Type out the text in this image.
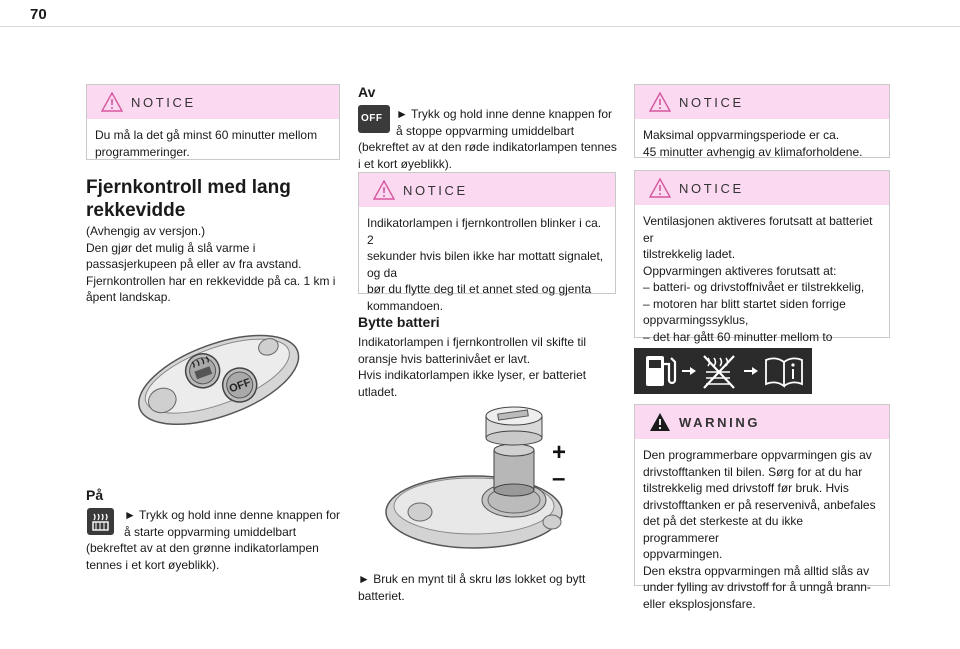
70
NOTICE
Du må la det gå minst 60 minutter mellom
programmeringer.
Fjernkontroll med lang
rekkevidde
(Avhengig av versjon.)
Den gjør det mulig å slå varme i
passasjerkupeen på eller av fra avstand.
Fjernkontrollen har en rekkevidde på ca. 1 km i
åpent landskap.
OFF
På
► Trykk og hold inne denne knappen for
å starte oppvarming umiddelbart
(bekreftet av at den grønne indikatorlampen
tennes i et kort øyeblikk).
Av
OFF ► Trykk og hold inne denne knappen for
å stoppe oppvarming umiddelbart
(bekreftet av at den røde indikatorlampen tennes
i et kort øyeblikk).
NOTICE
Indikatorlampen i fjernkontrollen blinker i ca. 2
sekunder hvis bilen ikke har mottatt signalet,
og da
bør du flytte deg til et annet sted og gjenta
kommandoen.
Bytte batteri
Indikatorlampen i fjernkontrollen vil skifte til
oransje hvis batterinivået er lavt.
Hvis indikatorlampen ikke lyser, er batteriet
utladet.
+
–
► Bruk en mynt til å skru løs lokket og bytt
batteriet.
NOTICE
Maksimal oppvarmingsperiode er ca.
45 minutter avhengig av klimaforholdene.
NOTICE
Ventilasjonen aktiveres forutsatt at batteriet er
tilstrekkelig ladet.
Oppvarmingen aktiveres forutsatt at:
– batteri- og drivstoffnivået er tilstrekkelig,
– motoren har blitt startet siden forrige
oppvarmingssyklus,
– det har gått 60 minutter mellom to
WARNING
Den programmerbare oppvarmingen gis av
drivstofftanken til bilen. Sørg for at du har
tilstrekkelig med drivstoff før bruk. Hvis
drivstofftanken er på reservenivå, anbefales
det på det sterkeste at du ikke programmerer
oppvarmingen.
Den ekstra oppvarmingen må alltid slås av
under fylling av drivstoff for å unngå brann-
eller eksplosjonsfare.
